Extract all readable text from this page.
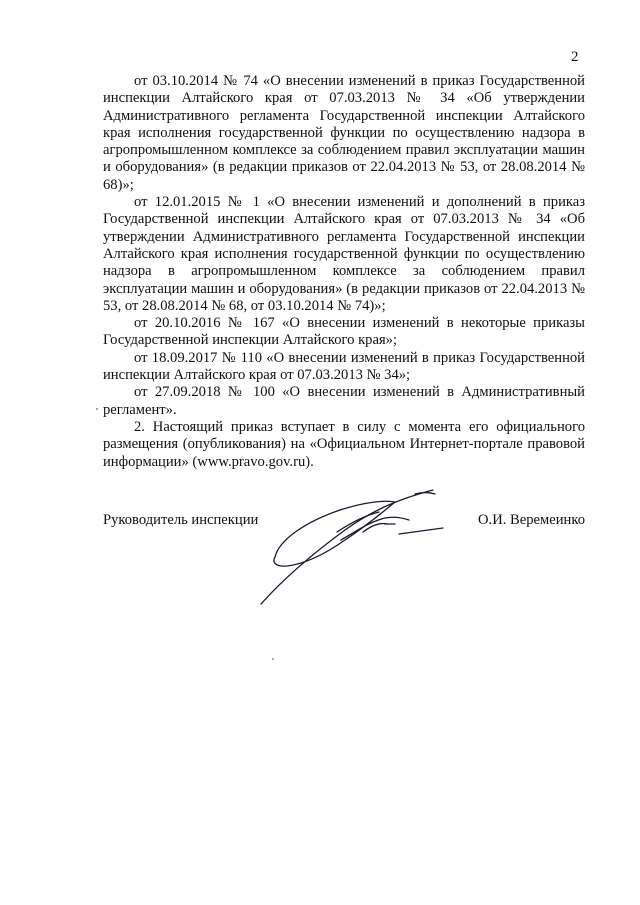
2

от 03.10.2014 № 74 «О внесении изменений в приказ Государственной инспекции Алтайского края от 07.03.2013 № 34 «Об утверждении Административного регламента Государственной инспекции Алтайского края исполнения государственной функции по осуществлению надзора в агропромышленном комплексе за соблюдением правил эксплуатации машин и оборудования» (в редакции приказов от 22.04.2013 № 53, от 28.08.2014 № 68)»;

от 12.01.2015 № 1 «О внесении изменений и дополнений в приказ Государственной инспекции Алтайского края от 07.03.2013 № 34 «Об утверждении Административного регламента Государственной инспекции Алтайского края исполнения государственной функции по осуществлению надзора в агропромышленном комплексе за соблюдением правил эксплуатации машин и оборудования» (в редакции приказов от 22.04.2013 № 53, от 28.08.2014 № 68, от 03.10.2014 № 74)»;

от 20.10.2016 № 167 «О внесении изменений в некоторые приказы Государственной инспекции Алтайского края»;

от 18.09.2017 № 110 «О внесении изменений в приказ Государственной инспекции Алтайского края от 07.03.2013 № 34»;

от 27.09.2018 № 100 «О внесении изменений в Административный регламент».

2. Настоящий приказ вступает в силу с момента его официального размещения (опубликования) на «Официальном Интернет-портале правовой информации» (www.pravo.gov.ru).

Руководитель инспекции	О.И. Веремеинко
